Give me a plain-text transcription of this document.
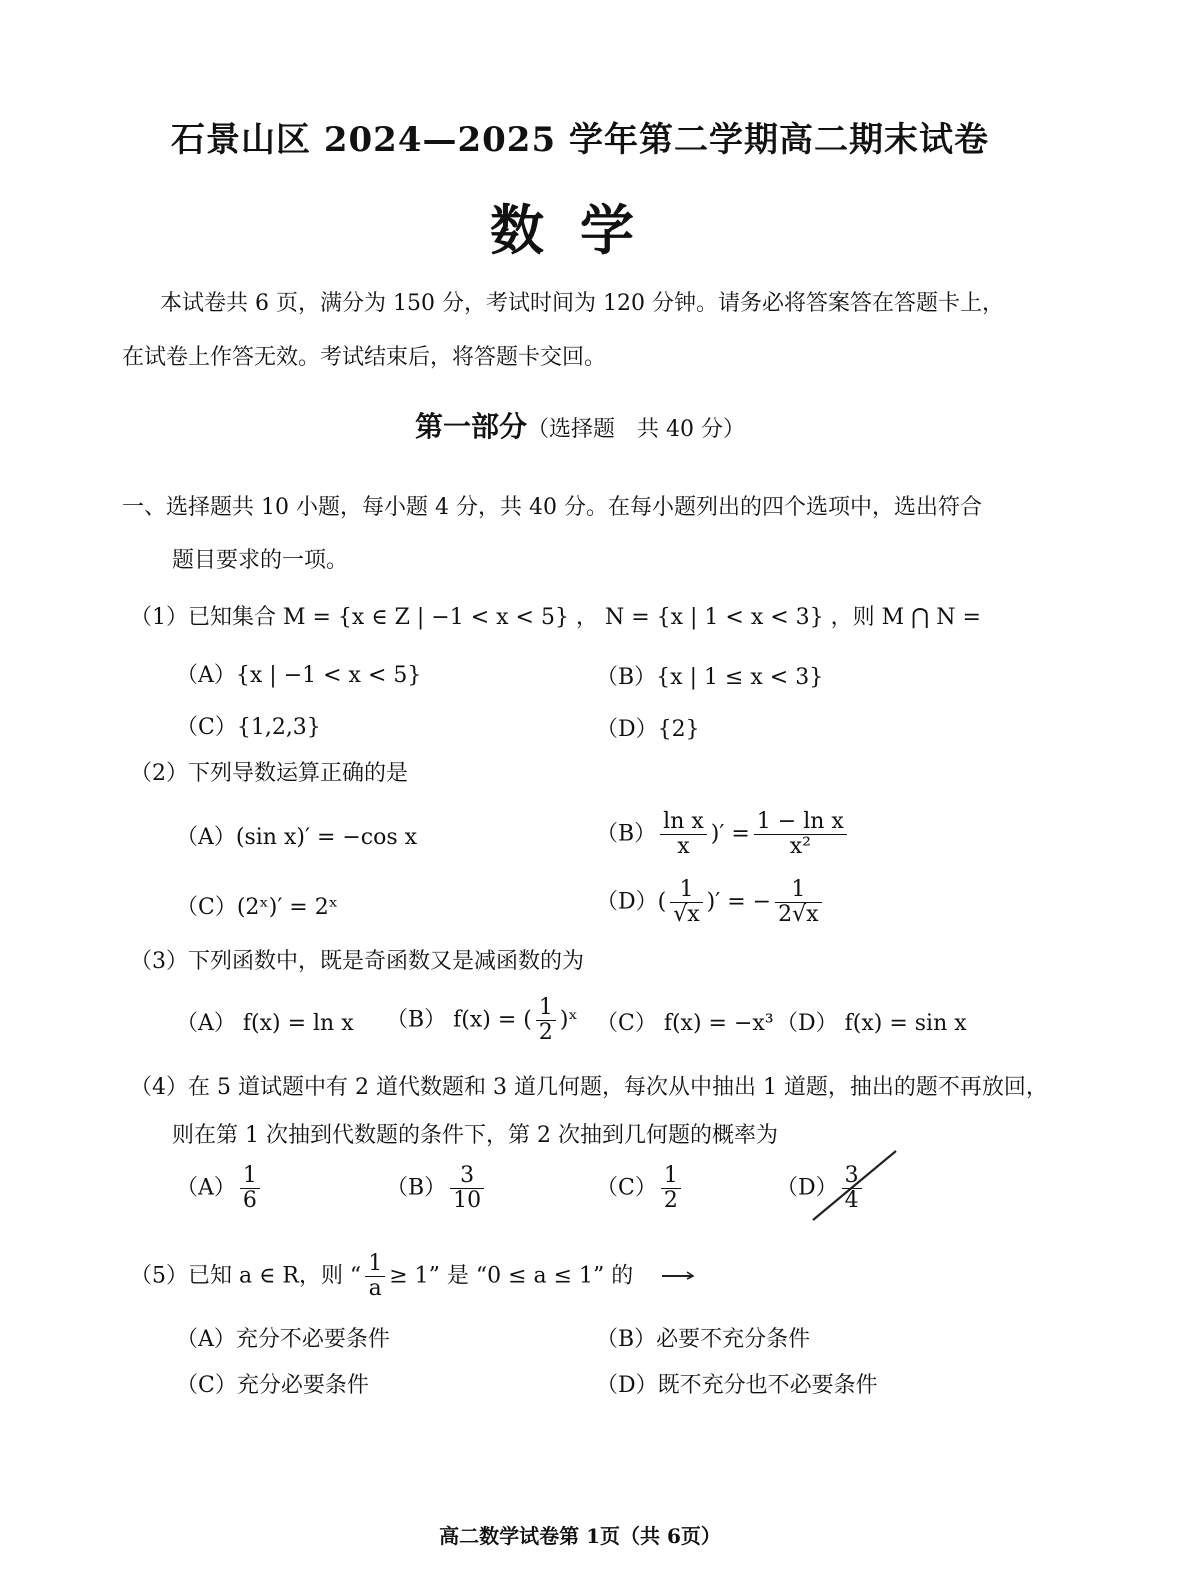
石景山区 2024—2025 学年第二学期高二期末试卷
数学
本试卷共 6 页，满分为 150 分，考试时间为 120 分钟。请务必将答案答在答题卡上，
在试卷上作答无效。考试结束后，将答题卡交回。
第一部分（选择题　共 40 分）
一、选择题共 10 小题，每小题 4 分，共 40 分。在每小题列出的四个选项中，选出符合
题目要求的一项。
（1）已知集合 M = {x ∈ Z | −1 < x < 5} ， N = {x | 1 < x < 3} ，则 M ⋂ N =
（A）{x | −1 < x < 5}	（B）{x | 1 ≤ x < 3}
（C）{1,2,3}	（D）{2}
（2）下列导数运算正确的是
（A）(sin x)′ = −cos x	$(B) \frac{\text{ln x}}{x}$ )′ = $\frac{\text{1 − ln x}}{\text{x²}}$
（C）(2ˣ)′ = 2ˣ	$(D)( \frac{1}{√x}$ )′ = − $\frac{1}{2√x}$
（3）下列函数中，既是奇函数又是减函数的为
（A） f(x) = ln x （B） f(x) = ( $\frac{1}{2}$ )ˣ （C） f(x) = −x³ （D） f(x) = sin x
（4）在 5 道试题中有 2 道代数题和 3 道几何题，每次从中抽出 1 道题，抽出的题不再放回，
则在第 1 次抽到代数题的条件下，第 2 次抽到几何题的概率为
$(A) \frac{1}{6}$	$(B) \frac{3}{10}$	$(C) \frac{1}{2}$	$(D) \frac{3}{4}$
（5）已知 a ∈ R，则 “ $\frac{1}{a} \ge 1$” 是 “0 ≤ a ≤ 1” 的
（A）充分不必要条件	（B）必要不充分条件
（C）充分必要条件	（D）既不充分也不必要条件
高二数学试卷第 1页（共 6页）
